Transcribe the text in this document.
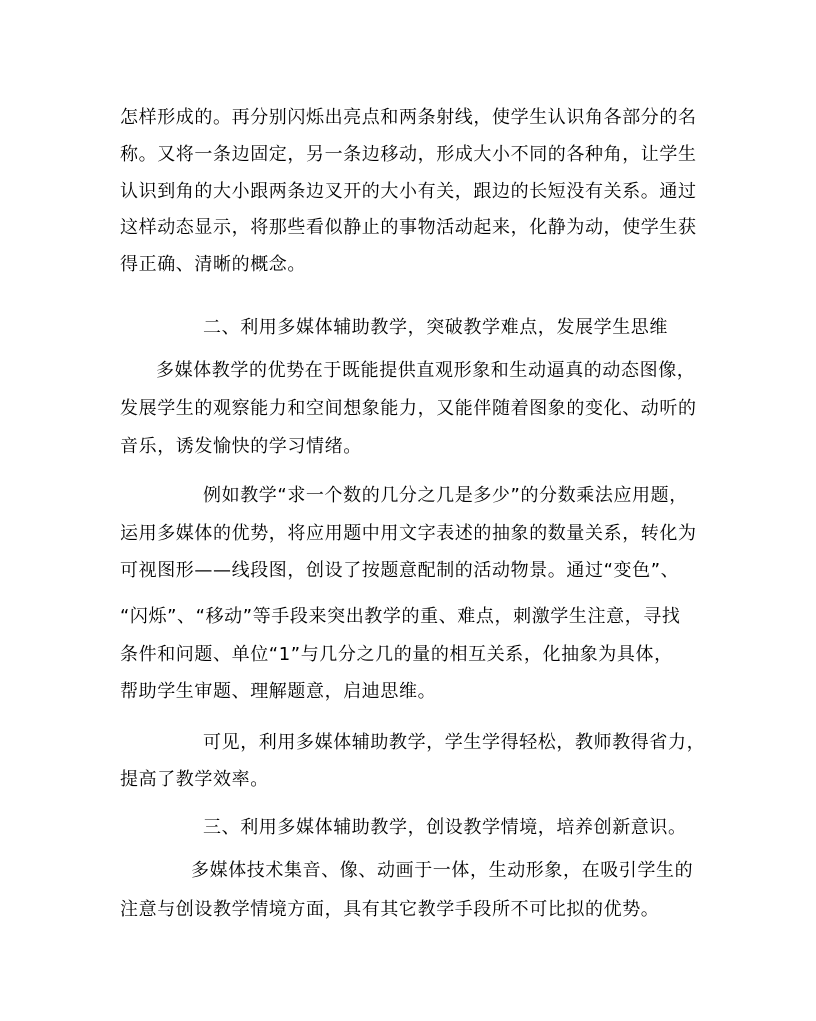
怎样形成的。再分别闪烁出亮点和两条射线，使学生认识角各部分的名
称。又将一条边固定，另一条边移动，形成大小不同的各种角，让学生
认识到角的大小跟两条边叉开的大小有关，跟边的长短没有关系。通过
这样动态显示，将那些看似静止的事物活动起来，化静为动，使学生获
得正确、清晰的概念。
二、利用多媒体辅助教学，突破教学难点，发展学生思维
多媒体教学的优势在于既能提供直观形象和生动逼真的动态图像，
发展学生的观察能力和空间想象能力，又能伴随着图象的变化、动听的
音乐，诱发愉快的学习情绪。
例如教学“求一个数的几分之几是多少”的分数乘法应用题，
运用多媒体的优势，将应用题中用文字表述的抽象的数量关系，转化为
可视图形——线段图，创设了按题意配制的活动物景。通过“变色”、
“闪烁”、“移动”等手段来突出教学的重、难点，刺激学生注意，寻找
条件和问题、单位“1”与几分之几的量的相互关系，化抽象为具体，
帮助学生审题、理解题意，启迪思维。
可见，利用多媒体辅助教学，学生学得轻松，教师教得省力，
提高了教学效率。
三、利用多媒体辅助教学，创设教学情境，培养创新意识。
多媒体技术集音、像、动画于一体，生动形象，在吸引学生的
注意与创设教学情境方面，具有其它教学手段所不可比拟的优势。
